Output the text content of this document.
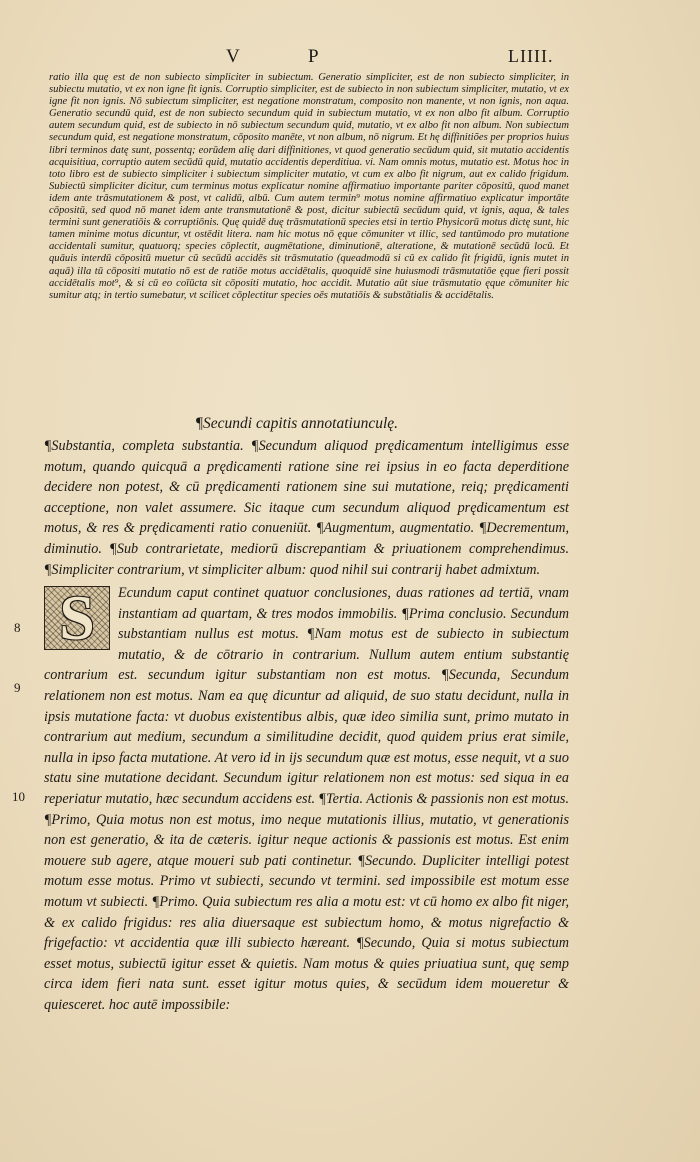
V	P	LIIII.

ratio illa quę est de non subiecto simpliciter in subiectum. Generatio simpliciter, est de non subiecto simpliciter, in subiectu mutatio, vt ex non igne fit ignis. Corruptio simpliciter, est de subiecto in non subiectum simpliciter, mutatio, vt ex igne fit non ignis. Nō subiectum simpliciter, est negatione monstratum, composito non manente, vt non ignis, non aqua. Generatio secundū quid, est de non subiecto secundum quid in subiectum mutatio, vt ex non albo fit album. Corruptio autem secundum quid, est de subiecto in nō subiectum secundum quid, mutatio, vt ex albo fit non album. Non subiectum secundum quid, est negatione monstratum, cōposito manēte, vt non album, nō nigrum. Et hę diffinitiões per proprios huius libri terminos datę sunt, possentq; eorūdem alię dari diffinitiones, vt quod generatio secūdum quid, sit mutatio accidentis acquisitiua, corruptio autem secūdū quid, mutatio accidentis deperditiua. vi. Nam omnis motus, mutatio est. Motus hoc in toto libro est de subiecto simpliciter i subiectum simpliciter mutatio, vt cum ex albo fit nigrum, aut ex calido frigidum. Subiectū simpliciter dicitur, cum terminus motus explicatur nomine affirmatiuo importante pariter cōpositū, quod manet idem ante trāsmutationem & post, vt calidū, albū. Cum autem termin⁹ motus nomine affirmatiuo explicatur importāte cōpositū, sed quod nō manet idem ante transmutationē & post, dicitur subiectū secūdum quid, vt ignis, aqua, & tales termini sunt generatiōis & corruptiōnis. Quę quidē duę trāsmutationū species etsi in tertio Physicorū motus dictę sunt, hic tamen minime motus dicuntur, vt ostēdit litera. nam hic motus nō ęque cōmuniter vt illic, sed tantūmodo pro mutatione accidentali sumitur, quatuorq; species cōplectit, augmētatione, diminutionē, alteratione, & mutationē secūdū locū. Et quāuis interdū cōpositū muetur cū secūdū accidēs sit trāsmutatio (queadmodū si cū ex calido fit frigidū, ignis mutet in aquā) illa tū cōpositi mutatio nō est de ratiōe motus accidētalis, quoquidē sine huiusmodi trāsmutatiōe ęque fieri possit accidētalis mot⁹, & si cū eo coīūcta sit cōpositi mutatio, hoc accidit. Mutatio aūt siue trāsmutatio ęque cōmuniter hic sumitur atq; in tertio sumebatur, vt scilicet cōplectitur species oēs mutatiōis & substātialis & accidētalis.

¶Secundi capitis annotatiunculę.

¶Substantia, completa substantia. ¶Secundum aliquod prędicamentum intelligimus esse motum, quando quicquā a prędicamenti ratione sine rei ipsius in eo facta deperditione decidere non potest, & cū prędicamenti rationem sine sui mutatione, reiq; prędicamenti acceptione, non valet assumere. Sic itaque cum secundum aliquod prędicamentum est motus, & res & prędicamenti ratio conueniūt. ¶Augmentum, augmentatio. ¶Decrementum, diminutio. ¶Sub contrarietate, mediorū discrepantiam & priuationem comprehendimus. ¶Simpliciter contrarium, vt simpliciter album: quod nihil sui contrarij habet admixtum.

S	Ecundum caput continet quatuor conclusiones, duas rationes ad tertiā, vnam instantiam ad quartam, & tres modos immobilis. ¶Prima conclusio. Secundum substantiam nullus est motus. ¶Nam motus est de subiecto in subiectum mutatio, & de cōtrario in contrarium. Nullum autem entium substantię contrarium est. secundum igitur substantiam non est motus. ¶Secunda, Secundum relationem non est motus. Nam ea quę dicuntur ad aliquid, de suo statu decidunt, nulla in ipsis mutatione facta: vt duobus existentibus albis, quæ ideo similia sunt, primo mutato in contrarium aut medium, secundum a similitudine decidit, quod quidem prius erat simile, nulla in ipso facta mutatione. At vero id in ijs secundum quæ est motus, esse nequit, vt a suo statu sine mutatione decidant. Secundum igitur relationem non est motus: sed siqua in ea reperiatur mutatio, hæc secundum accidens est. ¶Tertia. Actionis & passionis non est motus. ¶Primo, Quia motus non est motus, imo neque mutationis illius, mutatio, vt generationis non est generatio, & ita de cæteris. igitur neque actionis & passionis est motus. Est enim mouere sub agere, atque moueri sub pati continetur. ¶Secundo. Dupliciter intelligi potest motum esse motus. Primo vt subiecti, secundo vt termini. sed impossibile est motum esse motum vt subiecti. ¶Primo. Quia subiectum res alia a motu est: vt cū homo ex albo fit niger, & ex calido frigidus: res alia diuersaque est subiectum homo, & motus nigrefactio & frigefactio: vt accidentia quæ illi subiecto hæreant. ¶Secundo, Quia si motus subiectum esset motus, subiectū igitur esset & quietis. Nam motus & quies priuatiua sunt, quę semp circa idem fieri nata sunt. esset igitur motus quies, & secūdum idem moueretur & quiesceret. hoc autē impossibile:

8
9
10
